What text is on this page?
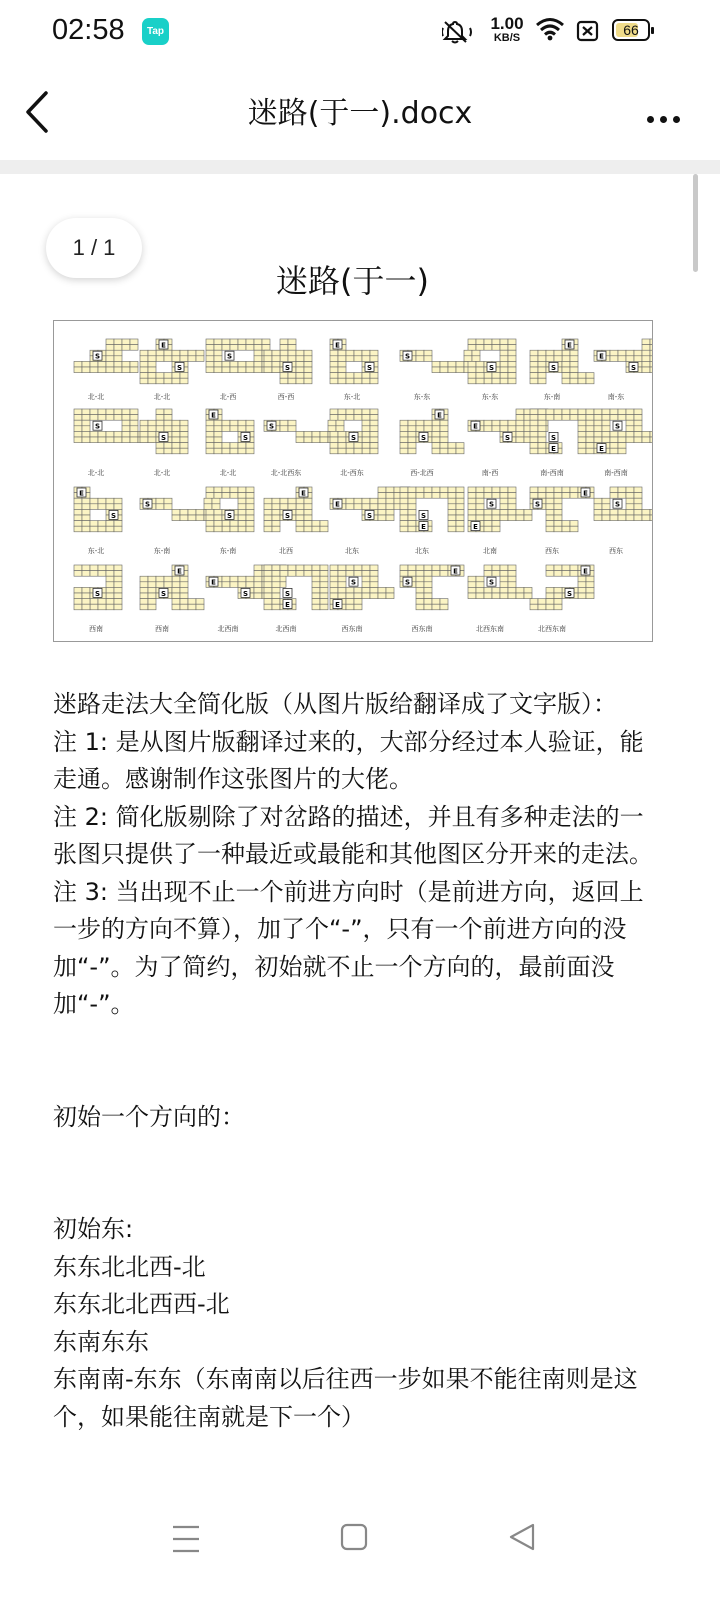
02:58	Tap	1.00
KB/S	66
迷路(于一).docx
1 / 1
迷路(于一)
S
北-北
E
S
北-北
S
北-西
S
西-西
E
S
东-北
S
东-东
S
东-东
E
S
东-南
E
S
南-东
S
北-北
S
北-北
E
S
北-北
S
北-北西东
S
北-西东
E
S
西-北西
E
S
南-西
S
E
南-西南
E
S
南-西南
E
S
东-北
S
东-南
S
东-南
E
S
北西
E
S
北东
S
E
北东
E
S
北南
E
S
西东
S
西东
S
西南
E
S
西南
E
S
北西南
S
E
北西南
E
S
西东南
E
S
西东南
S
北西东南
E
S
北西东南

迷路走法大全简化版（从图片版给翻译成了文字版）：

注 1: 是从图片版翻译过来的，大部分经过本人验证，能走通。感谢制作这张图片的大佬。

注 2: 简化版剔除了对岔路的描述，并且有多种走法的一张图只提供了一种最近或最能和其他图区分开来的走法。

注 3: 当出现不止一个前进方向时（是前进方向，返回上一步的方向不算），加了个“-”，只有一个前进方向的没加“-”。为了简约，初始就不止一个方向的，最前面没加“-”。

初始一个方向的：

初始东:

东东北北西-北

东东北北西西-北

东南东东

东南南-东东（东南南以后往西一步如果不能往南则是这个，如果能往南就是下一个）
